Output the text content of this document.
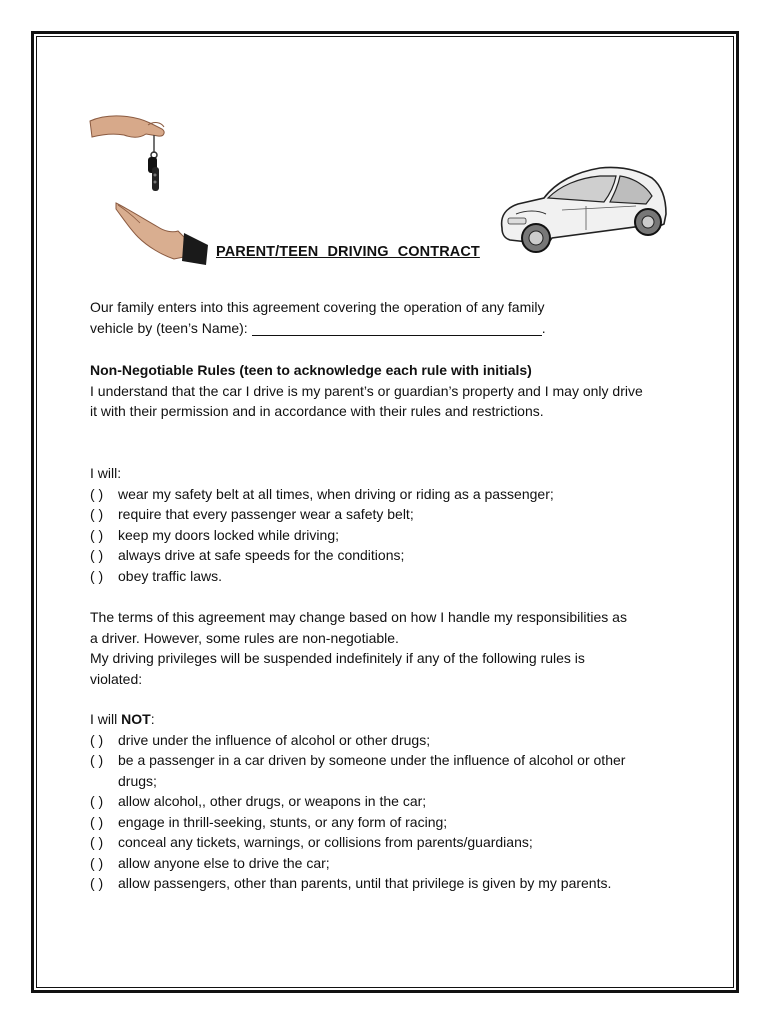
PARENT/TEEN DRIVING CONTRACT
Our family enters into this agreement covering the operation of any family
vehicle by (teen’s Name):	.

Non-Negotiable Rules (teen to acknowledge each rule with initials)

I understand that the car I drive is my parent’s or guardian’s property and I may only drive it with their permission and in accordance with their rules and restrictions.

I will:
( ) wear my safety belt at all times, when driving or riding as a passenger;
( ) require that every passenger wear a safety belt;
( ) keep my doors locked while driving;
( ) always drive at safe speeds for the conditions;
( ) obey traffic laws.

The terms of this agreement may change based on how I handle my responsibilities as a driver. However, some rules are non-negotiable.

My driving privileges will be suspended indefinitely if any of the following rules is violated:

I will NOT:
( ) drive under the influence of alcohol or other drugs;
( ) be a passenger in a car driven by someone under the influence of alcohol or other drugs;
( ) allow alcohol,, other drugs, or weapons in the car;
( ) engage in thrill-seeking, stunts, or any form of racing;
( ) conceal any tickets, warnings, or collisions from parents/guardians;
( ) allow anyone else to drive the car;
( ) allow passengers, other than parents, until that privilege is given by my parents.
